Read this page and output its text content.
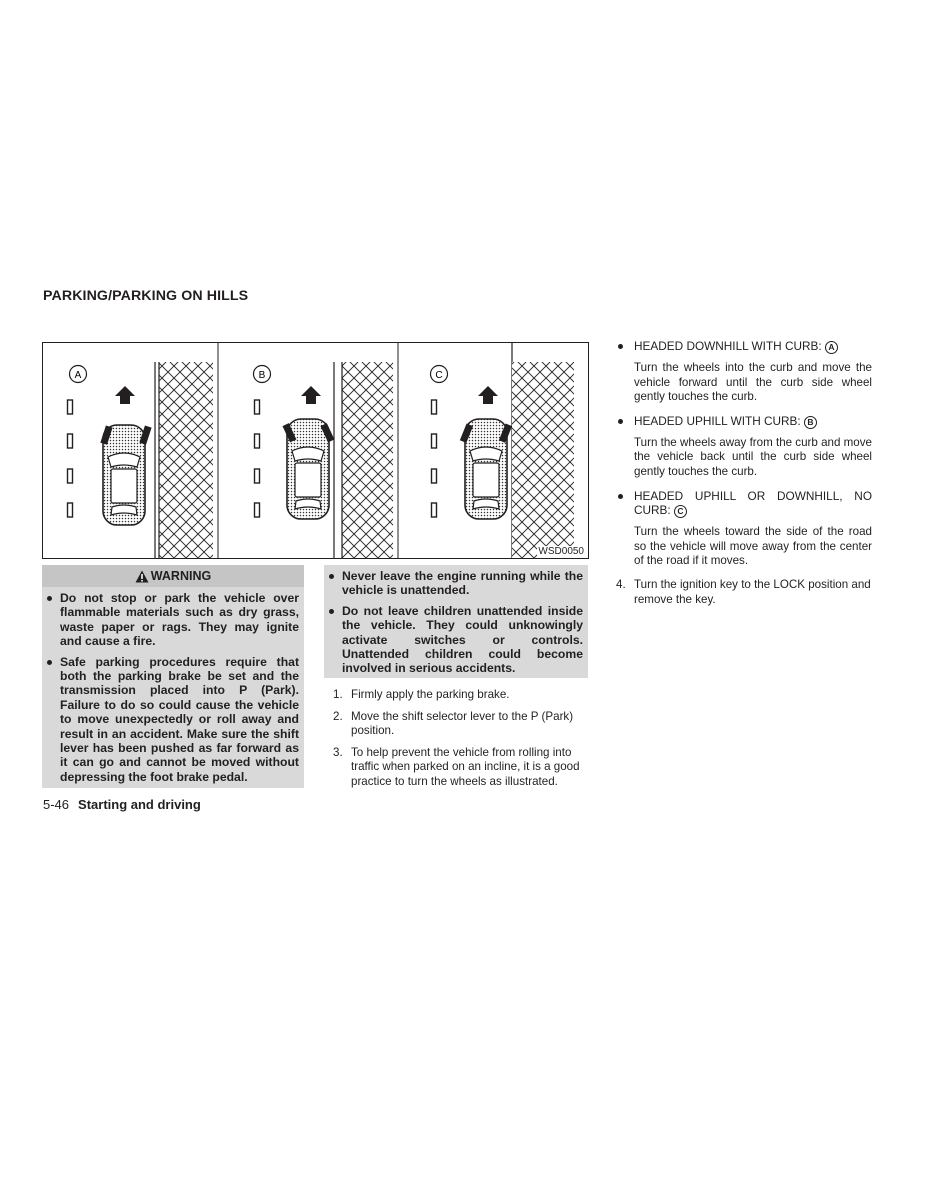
PARKING/PARKING ON HILLS
A	B	C
WSD0050
WARNING
Do not stop or park the vehicle over flammable materials such as dry grass, waste paper or rags. They may ignite and cause a fire.
Safe parking procedures require that both the parking brake be set and the transmission placed into P (Park). Failure to do so could cause the vehicle to move unexpectedly or roll away and result in an accident. Make sure the shift lever has been pushed as far forward as it can go and cannot be moved without depressing the foot brake pedal.
Never leave the engine running while the vehicle is unattended.
Do not leave children unattended inside the vehicle. They could unknowingly activate switches or controls. Unattended children could become involved in serious accidents.
1. Firmly apply the parking brake.
2. Move the shift selector lever to the P (Park) position.
3. To help prevent the vehicle from rolling into traffic when parked on an incline, it is a good practice to turn the wheels as illustrated.
HEADED DOWNHILL WITH CURB: A
Turn the wheels into the curb and move the vehicle forward until the curb side wheel gently touches the curb.
HEADED UPHILL WITH CURB: B
Turn the wheels away from the curb and move the vehicle back until the curb side wheel gently touches the curb.
HEADED UPHILL OR DOWNHILL, NO CURB: C
Turn the wheels toward the side of the road so the vehicle will move away from the center of the road if it moves.
4. Turn the ignition key to the LOCK position and remove the key.
5-46 Starting and driving
